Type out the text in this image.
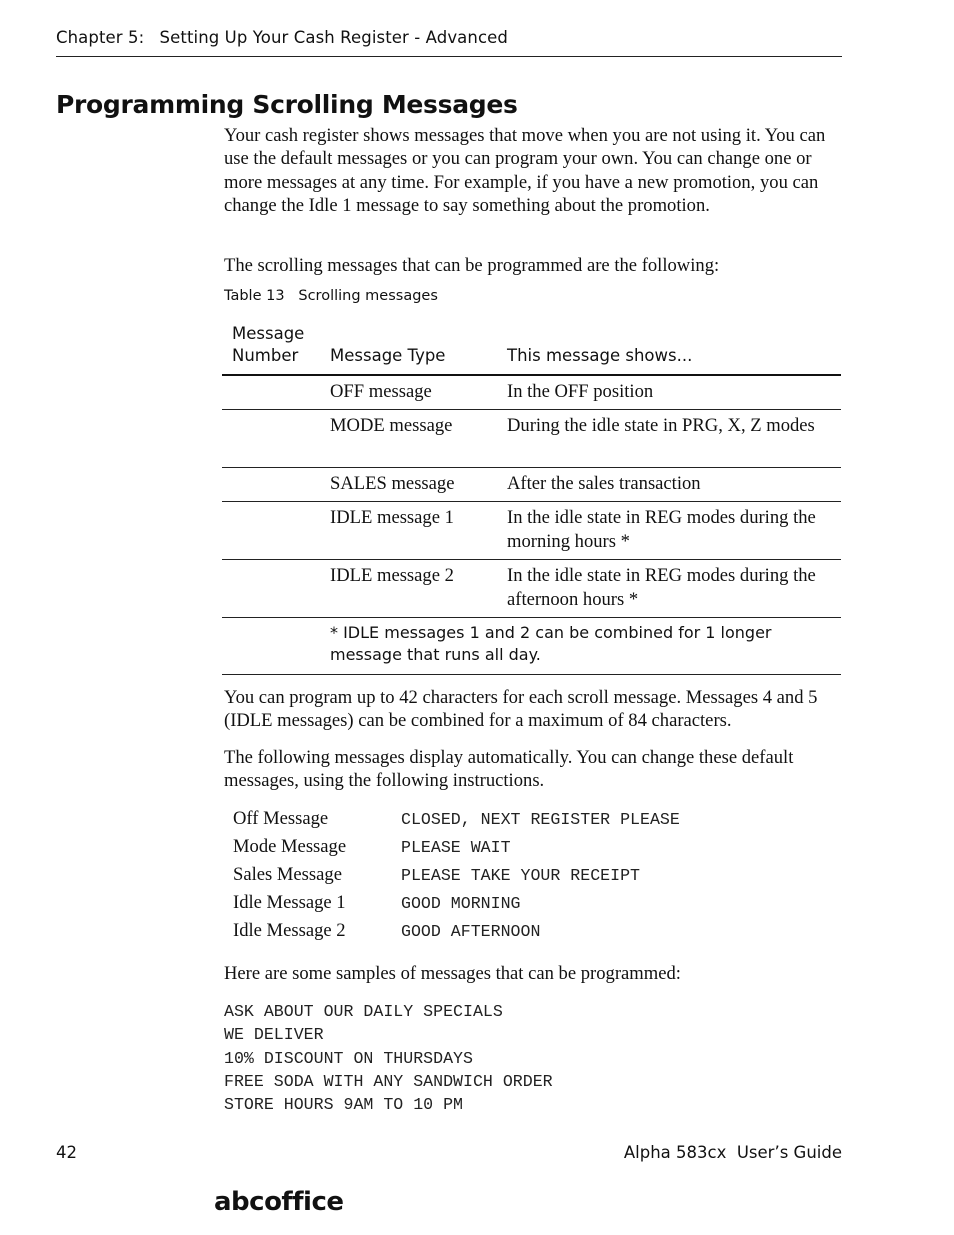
Chapter 5: Setting Up Your Cash Register - Advanced
Programming Scrolling Messages

Your cash register shows messages that move when you are not using it. You can use the default messages or you can program your own. You can change one or more messages at any time. For example, if you have a new promotion, you can change the Idle 1 message to say something about the promotion.

The scrolling messages that can be programmed are the following:

Table 13   Scrolling messages
Message
Number	Message Type	This message shows...
OFF message	In the OFF position
MODE message	During the idle state in PRG, X, Z modes
SALES message	After the sales transaction
IDLE message 1	In the idle state in REG modes during the morning hours *
IDLE message 2	In the idle state in REG modes during the afternoon hours *
* IDLE messages 1 and 2 can be combined for 1 longer message that runs all day.

You can program up to 42 characters for each scroll message. Messages 4 and 5 (IDLE messages) can be combined for a maximum of 84 characters.

The following messages display automatically. You can change these default messages, using the following instructions.

Off Message	CLOSED, NEXT REGISTER PLEASE
Mode Message	PLEASE WAIT
Sales Message	PLEASE TAKE YOUR RECEIPT
Idle Message 1	GOOD MORNING
Idle Message 2	GOOD AFTERNOON

Here are some samples of messages that can be programmed:

ASK ABOUT OUR DAILY SPECIALS
WE DELIVER
10% DISCOUNT ON THURSDAYS
FREE SODA WITH ANY SANDWICH ORDER
STORE HOURS 9AM TO 10 PM
42	Alpha 583cx  User’s Guide
abcoffice
